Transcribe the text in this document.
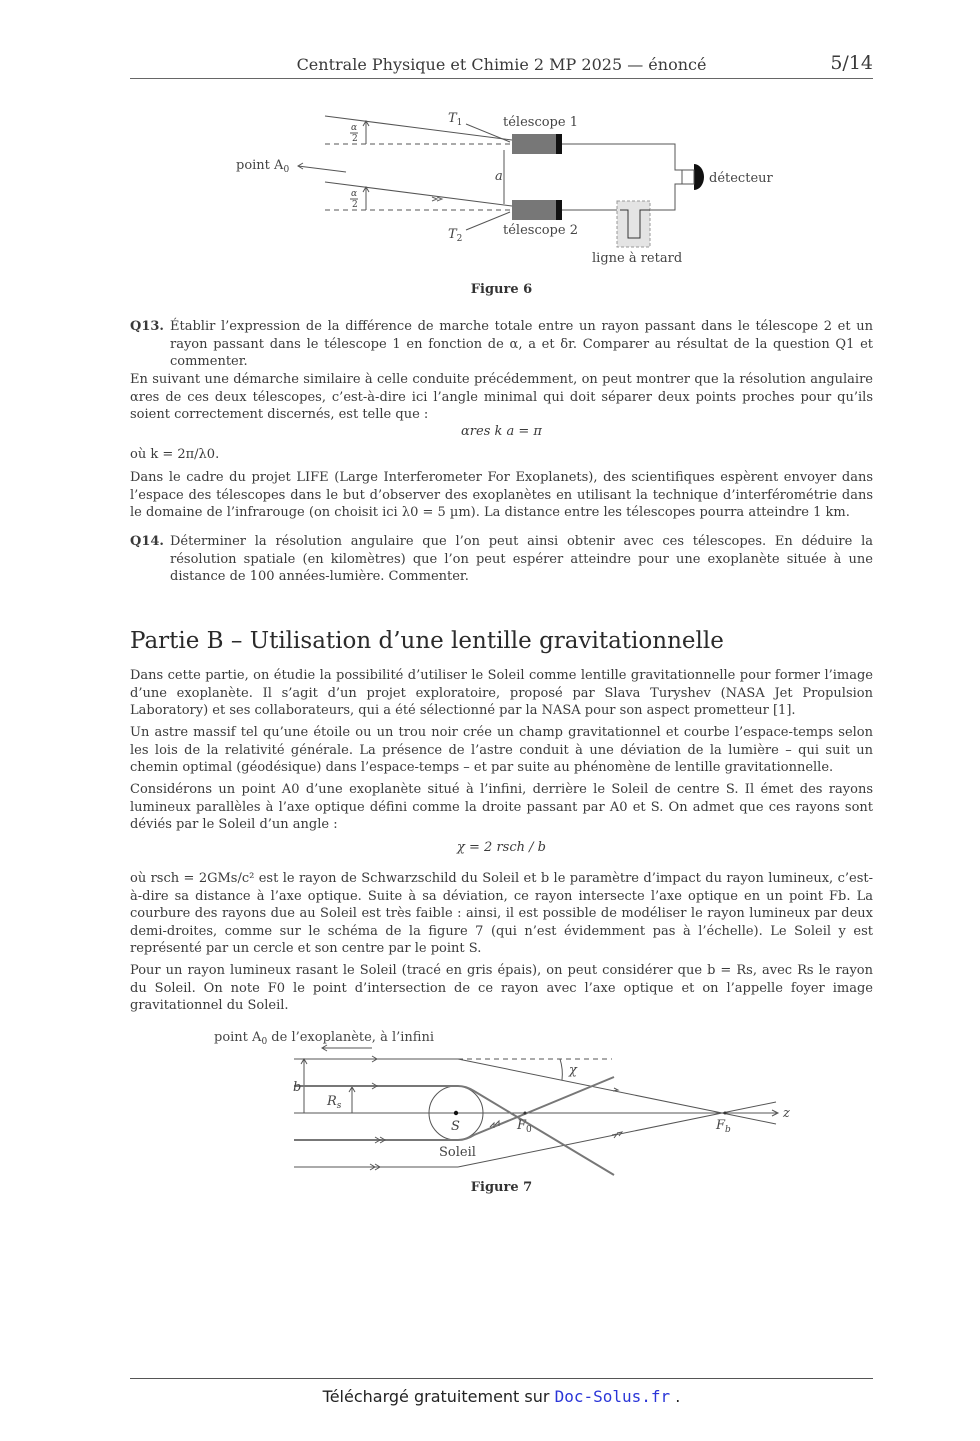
Centrale Physique et Chimie 2 MP 2025 — énoncé	5/14
télescope 1
télescope 2
détecteur
ligne à retard
point $A_0$
$T_1$
$T_2$
a
α
2
α
2
Figure 6
Q13. Établir l’expression de la différence de marche totale entre un rayon passant dans le télescope 2 et un rayon passant dans le télescope 1 en fonction de α, a et δr. Comparer au résultat de la question Q1 et commenter.

En suivant une démarche similaire à celle conduite précédemment, on peut montrer que la résolution angulaire αres de ces deux télescopes, c’est-à-dire ici l’angle minimal qui doit séparer deux points proches pour qu’ils soient correctement discernés, est telle que :

αres k a = π

où k = 2π/λ0.

Dans le cadre du projet LIFE (Large Interferometer For Exoplanets), des scientifiques espèrent envoyer dans l’espace des télescopes dans le but d’observer des exoplanètes en utilisant la technique d’interférométrie dans le domaine de l’infrarouge (on choisit ici λ0 = 5 µm). La distance entre les télescopes pourra atteindre 1 km.

Q14. Déterminer la résolution angulaire que l’on peut ainsi obtenir avec ces télescopes. En déduire la résolution spatiale (en kilomètres) que l’on peut espérer atteindre pour une exoplanète située à une distance de 100 années-lumière. Commenter.
Partie B – Utilisation d’une lentille gravitationnelle

Dans cette partie, on étudie la possibilité d’utiliser le Soleil comme lentille gravitationnelle pour former l’image d’une exoplanète. Il s’agit d’un projet exploratoire, proposé par Slava Turyshev (NASA Jet Propulsion Laboratory) et ses collaborateurs, qui a été sélectionné par la NASA pour son aspect prometteur [1].

Un astre massif tel qu’une étoile ou un trou noir crée un champ gravitationnel et courbe l’espace-temps selon les lois de la relativité générale. La présence de l’astre conduit à une déviation de la lumière – qui suit un chemin optimal (géodésique) dans l’espace-temps – et par suite au phénomène de lentille gravitationnelle.

Considérons un point A0 d’une exoplanète situé à l’infini, derrière le Soleil de centre S. Il émet des rayons lumineux parallèles à l’axe optique défini comme la droite passant par A0 et S. On admet que ces rayons sont déviés par le Soleil d’un angle :

χ = 2 rsch / b

où rsch = 2GMs/c² est le rayon de Schwarzschild du Soleil et b le paramètre d’impact du rayon lumineux, c’est-à-dire sa distance à l’axe optique. Suite à sa déviation, ce rayon intersecte l’axe optique en un point Fb. La courbure des rayons due au Soleil est très faible : ainsi, il est possible de modéliser le rayon lumineux par deux demi-droites, comme sur le schéma de la figure 7 (qui n’est évidemment pas à l’échelle). Le Soleil y est représenté par un cercle et son centre par le point S.

Pour un rayon lumineux rasant le Soleil (tracé en gris épais), on peut considérer que b = Rs, avec Rs le rayon du Soleil. On note F0 le point d’intersection de ce rayon avec l’axe optique et on l’appelle foyer image gravitationnel du Soleil.

point $A_0$ de l’exoplanète, à l’infini
b
$R_s$
S	$F_0$	$F_b$
z
χ
Soleil
Figure 7
Téléchargé gratuitement sur Doc-Solus.fr .
